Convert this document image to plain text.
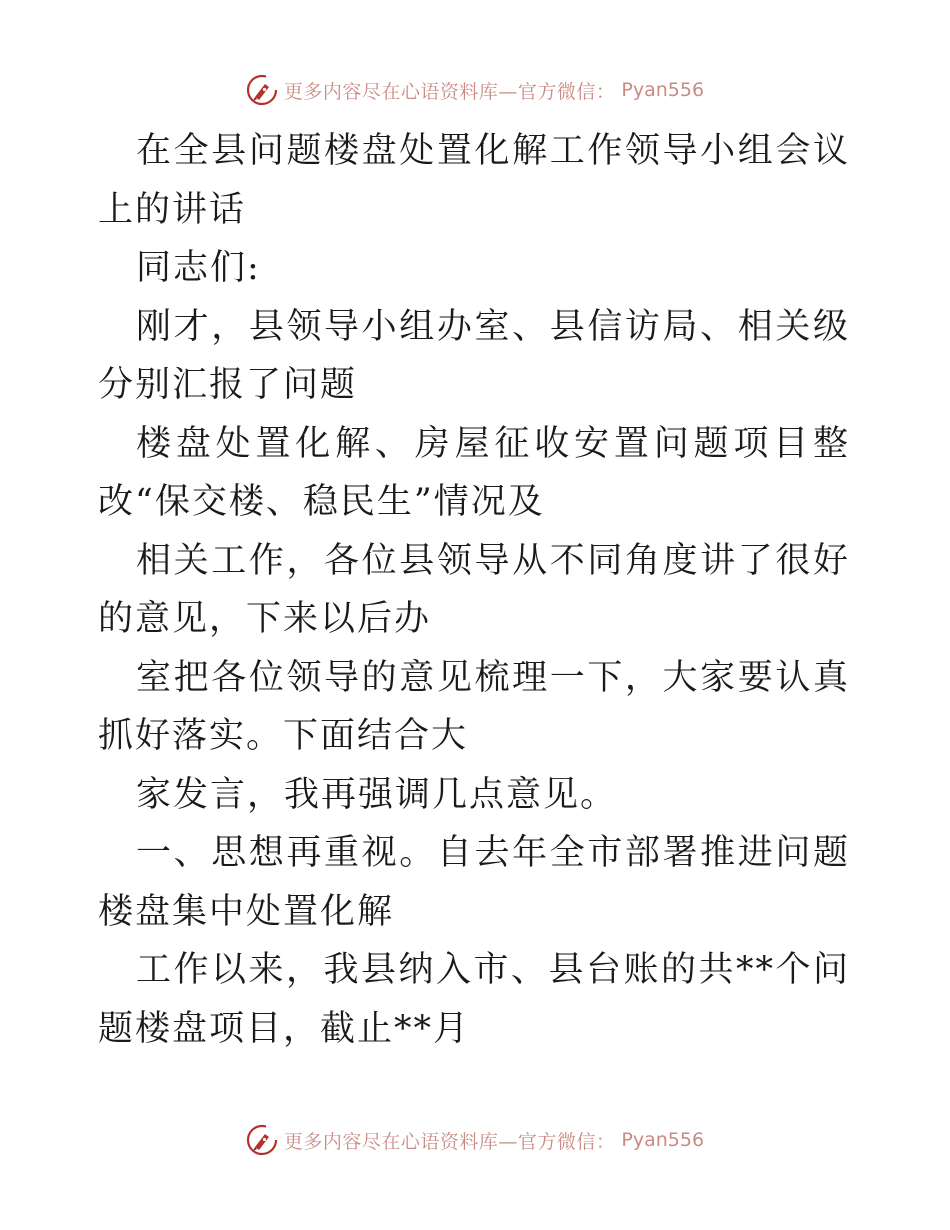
更多内容尽在心语资料库—官方微信： Pyan556

在全县问题楼盘处置化解工作领导小组会议上的讲话

同志们:

刚才，县领导小组办室、县信访局、相关级分别汇报了问题

楼盘处置化解、房屋征收安置问题项目整改“保交楼、稳民生”情况及

相关工作，各位县领导从不同角度讲了很好的意见，下来以后办

室把各位领导的意见梳理一下，大家要认真抓好落实。下面结合大

家发言，我再强调几点意见。

一、思想再重视。自去年全市部署推进问题楼盘集中处置化解

工作以来，我县纳入市、县台账的共**个问题楼盘项目，截止**月

更多内容尽在心语资料库—官方微信： Pyan556
